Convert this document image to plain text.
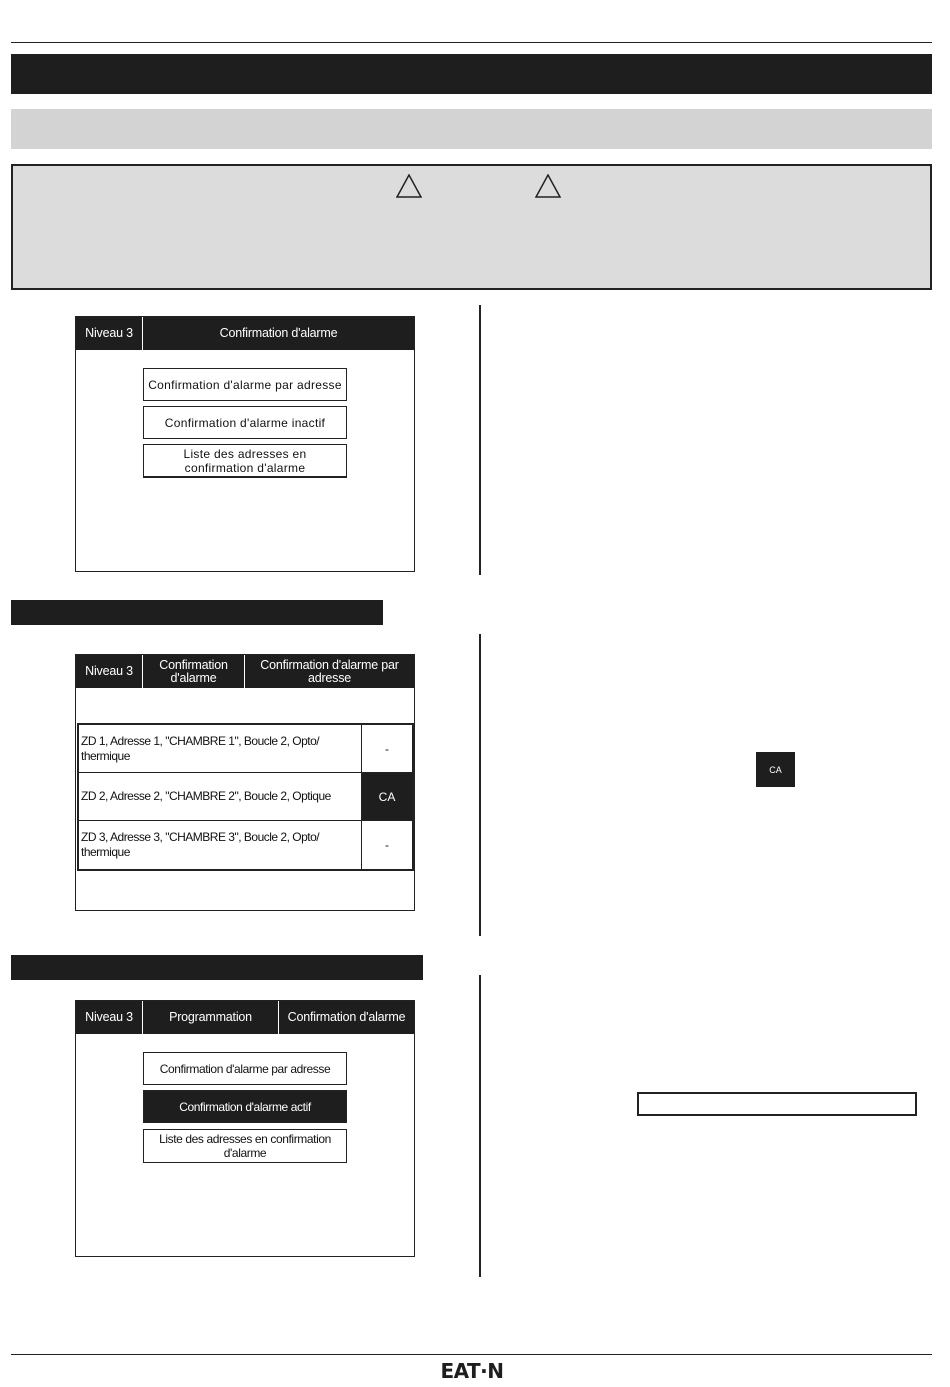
Niveau 3	Confirmation d'alarme
Confirmation d'alarme par adresse
Confirmation d'alarme inactif
Liste des adresses en confirmation d'alarme
Niveau 3	Confirmation d'alarme
Confirmation d'alarme par adresse
ZD 1, Adresse 1, "CHAMBRE 1", Boucle 2, Opto/ thermique	-
ZD 2, Adresse 2, "CHAMBRE 2", Boucle 2, Optique	CA
ZD 3, Adresse 3, "CHAMBRE 3", Boucle 2, Opto/ thermique	-
CA
Niveau 3	Programmation	Confirmation d'alarme
Confirmation d'alarme par adresse
Confirmation d'alarme actif
Liste des adresses en confirmation d'alarme
EAT·N
